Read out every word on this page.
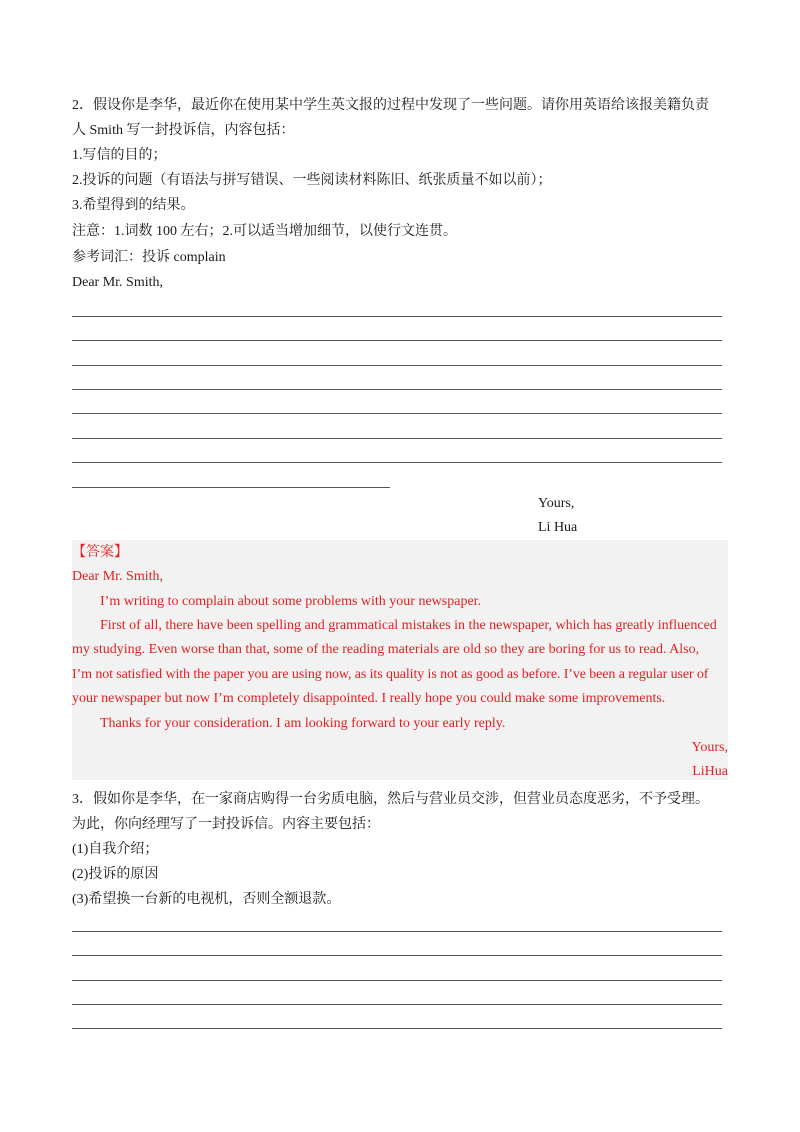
2．假设你是李华，最近你在使用某中学生英文报的过程中发现了一些问题。请你用英语给该报美籍负责
人 Smith 写一封投诉信，内容包括：
1.写信的目的；
2.投诉的问题（有语法与拼写错误、一些阅读材料陈旧、纸张质量不如以前）；
3.希望得到的结果。
注意：1.词数 100 左右；2.可以适当增加细节，以使行文连贯。
参考词汇：投诉 complain
Dear Mr. Smith,
Yours,
Li Hua
【答案】
Dear Mr. Smith,
I’m writing to complain about some problems with your newspaper.
First of all, there have been spelling and grammatical mistakes in the newspaper, which has greatly influenced
my studying. Even worse than that, some of the reading materials are old so they are boring for us to read. Also,
I’m not satisfied with the paper you are using now, as its quality is not as good as before. I’ve been a regular user of
your newspaper but now I’m completely disappointed. I really hope you could make some improvements.
Thanks for your consideration. I am looking forward to your early reply.
Yours,
LiHua
3．假如你是李华，在一家商店购得一台劣质电脑，然后与营业员交涉，但营业员态度恶劣，不予受理。
为此，你向经理写了一封投诉信。内容主要包括：
(1)自我介绍；
(2)投诉的原因
(3)希望换一台新的电视机，否则全额退款。
